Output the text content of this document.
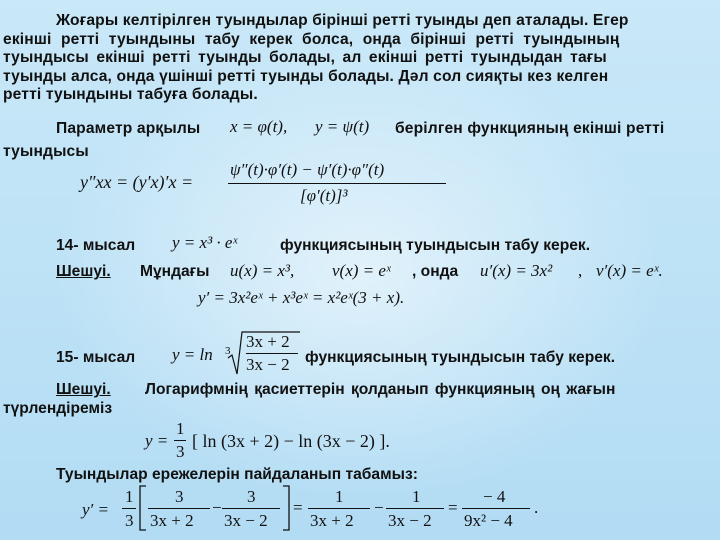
Жоғары келтірілген туындылар бірінші ретті туынды деп аталады. Егер
екінші ретті туындыны табу керек болса, онда бірінші ретті туындының
туындысы екінші ретті туынды болады, ал екінші ретті туындыдан тағы
туынды алса, онда үшінші ретті туынды болады. Дәл сол сияқты кез келген
ретті туындыны табуға болады.
Параметр арқылы x = φ(t), y = ψ(t) берілген функцияның екінші ретті
туындысы
y″xx = (y′x)′x =
ψ″(t)·φ′(t) − ψ′(t)·φ″(t)
[φ′(t)]³
14- мысал y = x³ · eˣ	функциясының туындысын табу керек.
Шешуі. Мұндағы u(x) = x³, v(x) = eˣ , онда u′(x) = 3x² , v′(x) = eˣ.
y′ = 3x²eˣ + x³eˣ = x²eˣ(3 + x).
15- мысал y = ln 3 3x + 2
3x − 2 функциясының туындысын табу керек.
Шешуі. Логарифмнің қасиеттерін қолданып функцияның оң жағын
түрлендіреміз
y =
1
3
[ ln (3x + 2) − ln (3x − 2) ].
Туындылар ережелерін пайдаланып табамыз:
y′ =
1
3
3
3x + 2
−
3
3x − 2
=
1
3x + 2
−
1
3x − 2
=
− 4
9x² − 4
.
